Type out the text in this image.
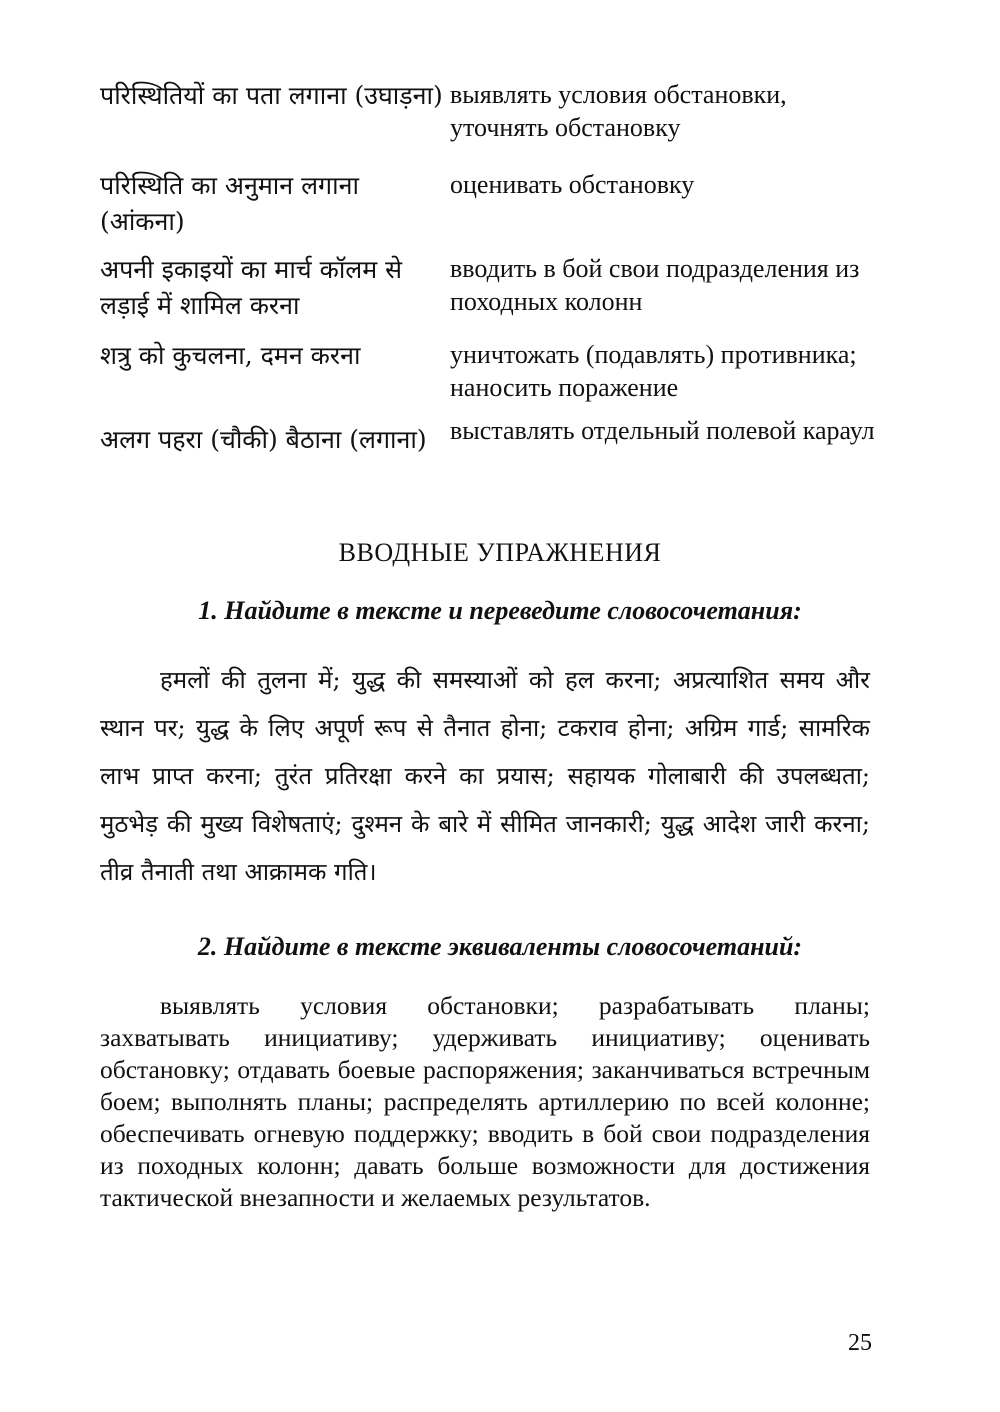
परिस्थितियों का पता लगाना (उघाड़ना) выявлять условия обстановки, уточнять обстановку
परिस्थिति का अनुमान लगाना (आंकना)
оценивать обстановку
अपनी इकाइयों का मार्च कॉलम से लड़ाई में शामिल करना
вводить в бой свои подразделения из походных колонн
शत्रु को कुचलना, दमन करना	уничтожать (подавлять) противника; наносить поражение
अलग पहरा (चौकी) बैठाना (लगाना) выставлять отдельный полевой караул
ВВОДНЫЕ УПРАЖНЕНИЯ
1. Найдите в тексте и переведите словосочетания:
हमलों की तुलना में; युद्ध की समस्याओं को हल करना; अप्रत्याशित समय और स्थान पर; युद्ध के लिए अपूर्ण रूप से तैनात होना; टकराव होना; अग्रिम गार्ड; सामरिक लाभ प्राप्त करना; तुरंत प्रतिरक्षा करने का प्रयास; सहायक गोलाबारी की उपलब्धता; मुठभेड़ की मुख्य विशेषताएं; दुश्मन के बारे में सीमित जानकारी; युद्ध आदेश जारी करना; तीव्र तैनाती तथा आक्रामक गति।
2. Найдите в тексте эквиваленты словосочетаний:
выявлять условия обстановки; разрабатывать планы; захватывать инициативу; удерживать инициативу; оценивать обстановку; отдавать боевые распоряжения; заканчиваться встречным боем; выполнять планы; распределять артиллерию по всей колонне; обеспечивать огневую поддержку; вводить в бой свои подразделения из походных колонн; давать больше возможности для достижения тактической внезапности и желаемых результатов.
25
